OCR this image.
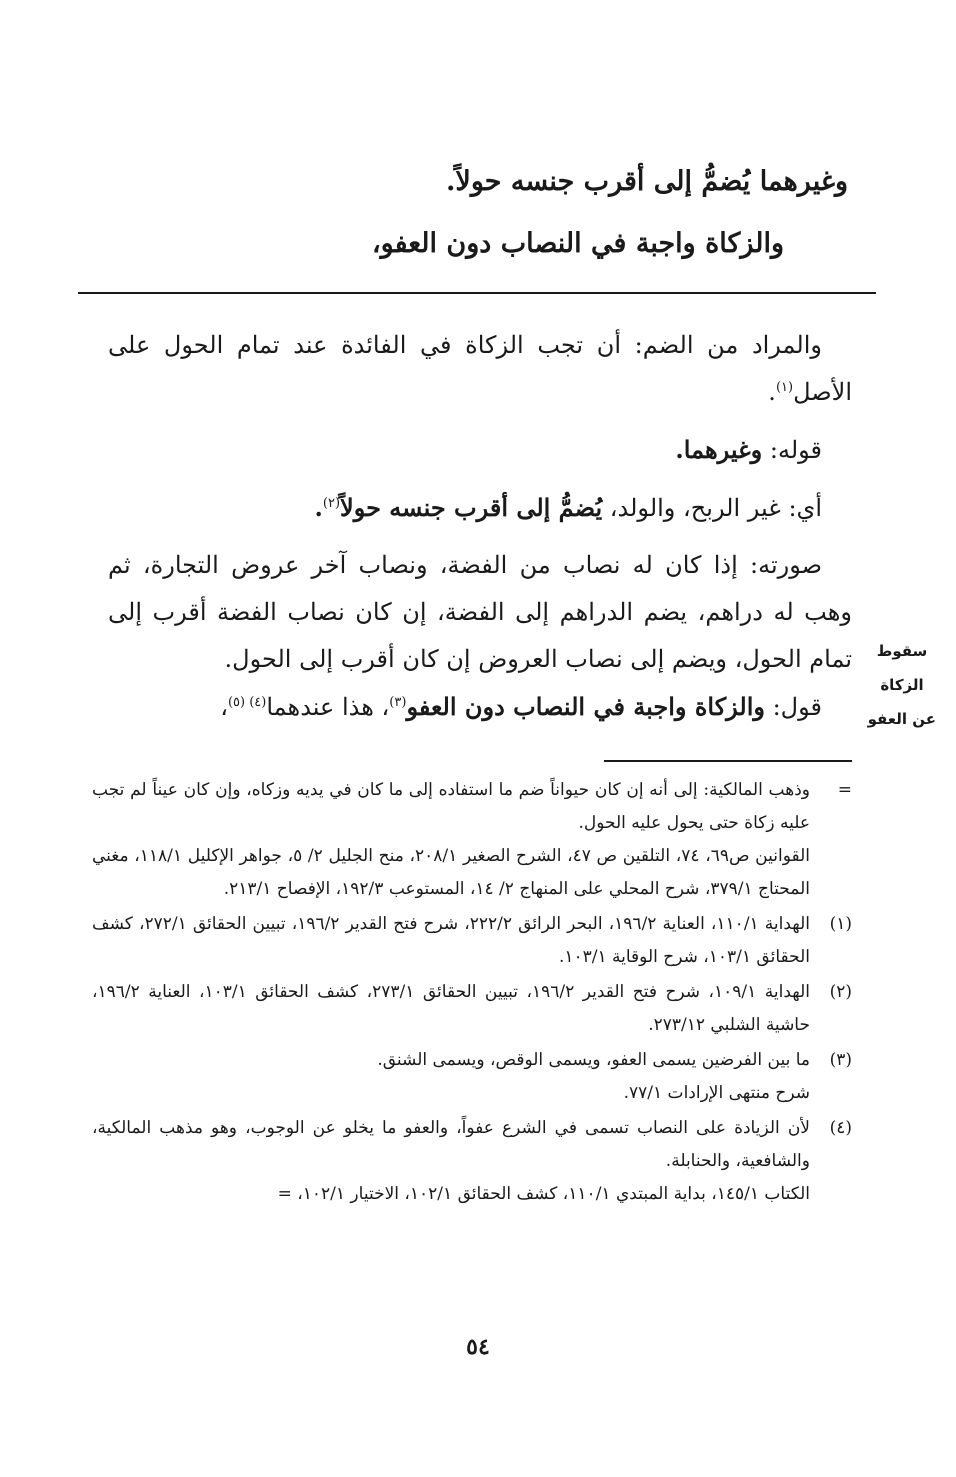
وغيرهما يُضمُّ إلى أقرب جنسه حولاً.
والزكاة واجبة في النصاب دون العفو،

والمراد من الضم: أن تجب الزكاة في الفائدة عند تمام الحول على الأصل$^{(١)}$.

قوله: وغيرهما.

أي: غير الربح، والولد، يُضمُّ إلى أقرب جنسه حولاً$^{(٢)}$.

صورته: إذا كان له نصاب من الفضة، ونصاب آخر عروض التجارة، ثم وهب له دراهم، يضم الدراهم إلى الفضة، إن كان نصاب الفضة أقرب إلى تمام الحول، ويضم إلى نصاب العروض إن كان أقرب إلى الحول.

قول: والزكاة واجبة في النصاب دون العفو$^{(٣)}$، هذا عندهما$^{(٤) (٥)}$،

سقوط
الزكاة
عن العفو
=
وذهب المالكية: إلى أنه إن كان حيواناً ضم ما استفاده إلى ما كان في يديه وزكاه، وإن كان عيناً لم تجب عليه زكاة حتى يحول عليه الحول.
القوانين ص٦٩، ٧٤، التلقين ص ٤٧، الشرح الصغير ٢٠٨/١، منح الجليل ٢/ ٥، جواهر الإكليل ١١٨/١، مغني المحتاج ٣٧٩/١، شرح المحلي على المنهاج ٢/ ١٤، المستوعب ١٩٢/٣، الإفصاح ٢١٣/١.
(١)
الهداية ١١٠/١، العناية ١٩٦/٢، البحر الرائق ٢٢٢/٢، شرح فتح القدير ١٩٦/٢، تبيين الحقائق ٢٧٢/١، كشف الحقائق ١٠٣/١، شرح الوقاية ١٠٣/١.
(٢)
الهداية ١٠٩/١، شرح فتح القدير ١٩٦/٢، تبيين الحقائق ٢٧٣/١، كشف الحقائق ١٠٣/١، العناية ١٩٦/٢، حاشية الشلبي ٢٧٣/١٢.
(٣)
ما بين الفرضين يسمى العفو، ويسمى الوقص، ويسمى الشنق.
شرح منتهى الإرادات ٧٧/١.
(٤)
لأن الزيادة على النصاب تسمى في الشرع عفواً، والعفو ما يخلو عن الوجوب، وهو مذهب المالكية، والشافعية، والحنابلة.
الكتاب ١٤٥/١، بداية المبتدي ١١٠/١، كشف الحقائق ١٠٢/١، الاختيار ١٠٢/١، =
٥٤
